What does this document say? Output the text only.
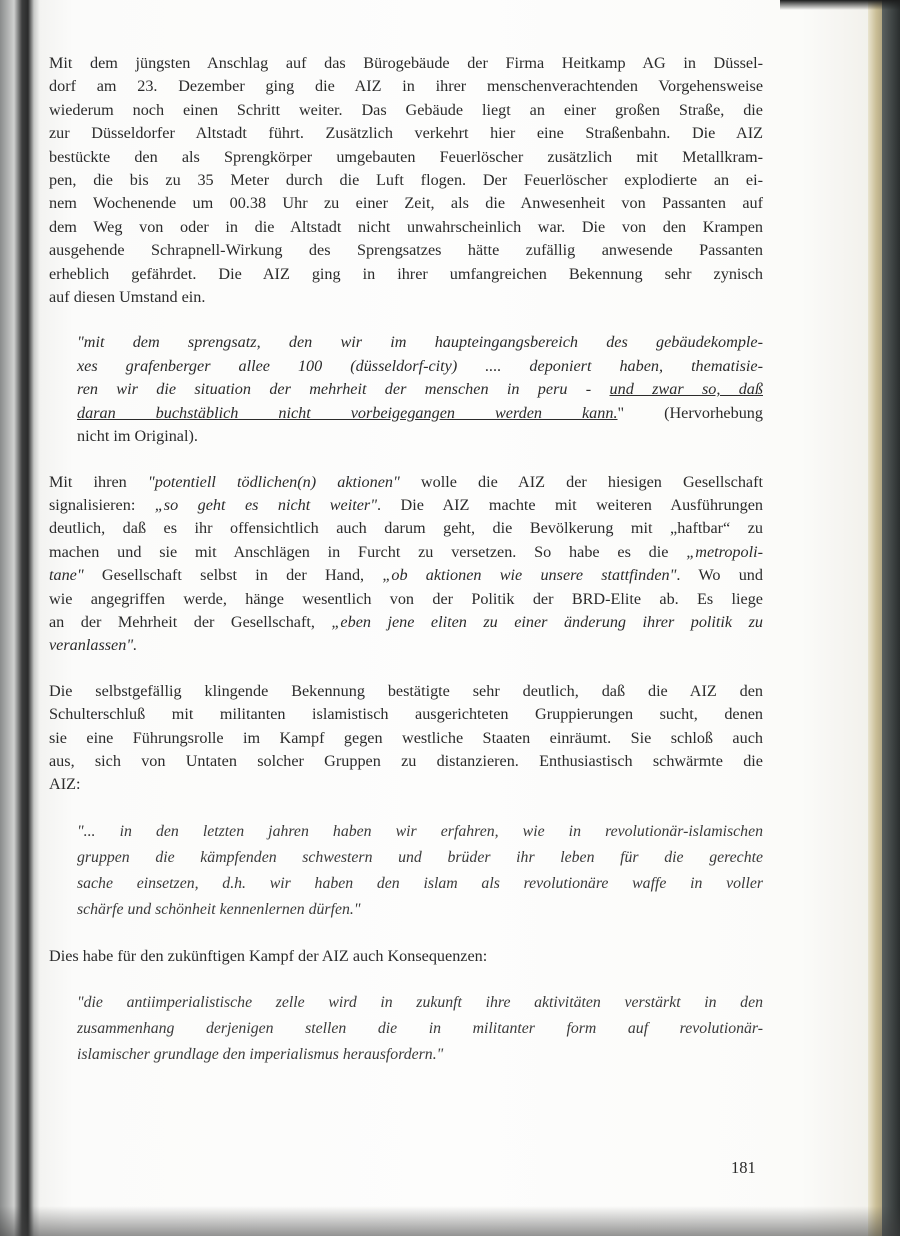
Mit dem jüngsten Anschlag auf das Bürogebäude der Firma Heitkamp AG in Düssel-
dorf am 23. Dezember ging die AIZ in ihrer menschenverachtenden Vorgehensweise
wiederum noch einen Schritt weiter. Das Gebäude liegt an einer großen Straße, die
zur Düsseldorfer Altstadt führt. Zusätzlich verkehrt hier eine Straßenbahn. Die AIZ
bestückte den als Sprengkörper umgebauten Feuerlöscher zusätzlich mit Metallkram-
pen, die bis zu 35 Meter durch die Luft flogen. Der Feuerlöscher explodierte an ei-
nem Wochenende um 00.38 Uhr zu einer Zeit, als die Anwesenheit von Passanten auf
dem Weg von oder in die Altstadt nicht unwahrscheinlich war. Die von den Krampen
ausgehende Schrapnell-Wirkung des Sprengsatzes hätte zufällig anwesende Passanten
erheblich gefährdet. Die AIZ ging in ihrer umfangreichen Bekennung sehr zynisch
auf diesen Umstand ein.
"mit dem sprengsatz, den wir im haupteingangsbereich des gebäudekomple-
xes grafenberger allee 100 (düsseldorf-city) .... deponiert haben, thematisie-
ren wir die situation der mehrheit der menschen in peru - und zwar so, daß
daran buchstäblich nicht vorbeigegangen werden kann." (Hervorhebung
nicht im Original).
Mit ihren "potentiell tödlichen(n) aktionen" wolle die AIZ der hiesigen Gesellschaft
signalisieren: „so geht es nicht weiter". Die AIZ machte mit weiteren Ausführungen
deutlich, daß es ihr offensichtlich auch darum geht, die Bevölkerung mit „haftbar“ zu
machen und sie mit Anschlägen in Furcht zu versetzen. So habe es die „metropoli-
tane" Gesellschaft selbst in der Hand, „ob aktionen wie unsere stattfinden". Wo und
wie angegriffen werde, hänge wesentlich von der Politik der BRD-Elite ab. Es liege
an der Mehrheit der Gesellschaft, „eben jene eliten zu einer änderung ihrer politik zu
veranlassen".
Die selbstgefällig klingende Bekennung bestätigte sehr deutlich, daß die AIZ den
Schulterschluß mit militanten islamistisch ausgerichteten Gruppierungen sucht, denen
sie eine Führungsrolle im Kampf gegen westliche Staaten einräumt. Sie schloß auch
aus, sich von Untaten solcher Gruppen zu distanzieren. Enthusiastisch schwärmte die
AIZ:
"... in den letzten jahren haben wir erfahren, wie in revolutionär-islamischen
gruppen die kämpfenden schwestern und brüder ihr leben für die gerechte
sache einsetzen, d.h. wir haben den islam als revolutionäre waffe in voller
schärfe und schönheit kennenlernen dürfen."
Dies habe für den zukünftigen Kampf der AIZ auch Konsequenzen:
"die antiimperialistische zelle wird in zukunft ihre aktivitäten verstärkt in den
zusammenhang derjenigen stellen die in militanter form auf revolutionär-
islamischer grundlage den imperialismus herausfordern."
181
